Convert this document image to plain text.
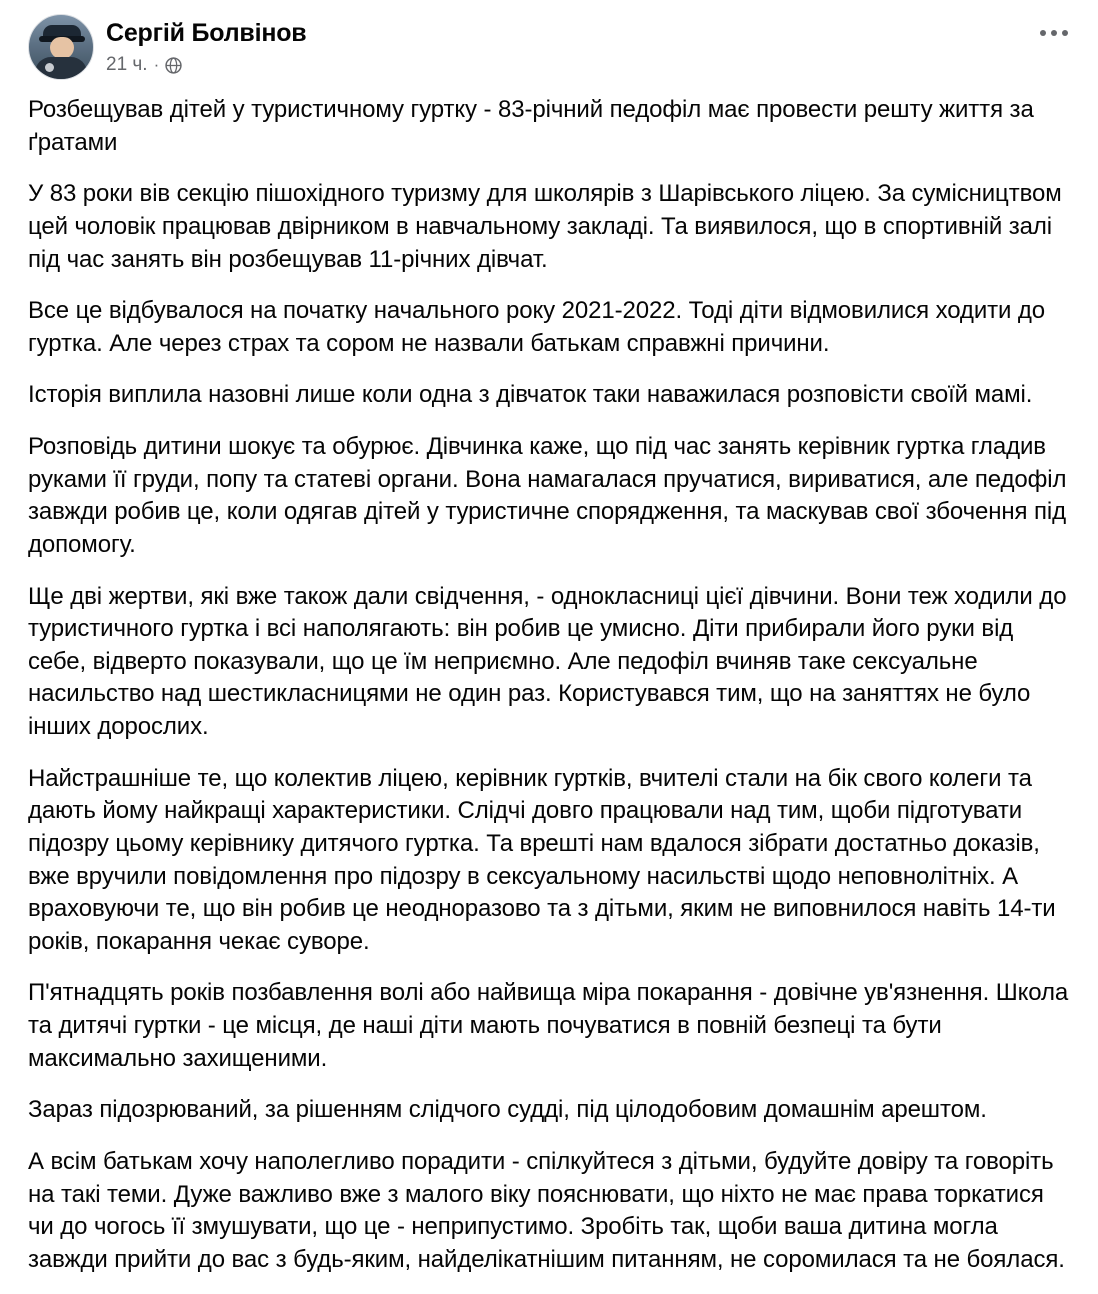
Сергій Болвінов
21 ч. ·

Розбещував дітей у туристичному гуртку - 83-річний педофіл має провести решту життя за ґратами

У 83 роки вів секцію пішохідного туризму для школярів з Шарівського ліцею. За сумісництвом цей чоловік працював двірником в навчальному закладі. Та виявилося, що в спортивній залі під час занять він розбещував 11-річних дівчат.

Все це відбувалося на початку начального року 2021-2022. Тоді діти відмовилися ходити до гуртка. Але через страх та сором не назвали батькам справжні причини.

Історія виплила назовні лише коли одна з дівчаток таки наважилася розповісти своїй мамі.

Розповідь дитини шокує та обурює. Дівчинка каже, що під час занять керівник гуртка гладив руками її груди, попу та статеві органи. Вона намагалася пручатися, вириватися, але педофіл завжди робив це, коли одягав дітей у туристичне спорядження, та маскував свої збочення під допомогу.

Ще дві жертви, які вже також дали свідчення, - однокласниці цієї дівчини. Вони теж ходили до туристичного гуртка і всі наполягають: він робив це умисно. Діти прибирали його руки від себе, відверто показували, що це їм неприємно. Але педофіл вчиняв таке сексуальне насильство над шестикласницями не один раз. Користувався тим, що на заняттях не було інших дорослих.

Найстрашніше те, що колектив ліцею, керівник гуртків, вчителі стали на бік свого колеги та дають йому найкращі характеристики. Слідчі довго працювали над тим, щоби підготувати підозру цьому керівнику дитячого гуртка. Та врешті нам вдалося зібрати достатньо доказів, вже вручили повідомлення про підозру в сексуальному насильстві щодо неповнолітніх. А враховуючи те, що він робив це неодноразово та з дітьми, яким не виповнилося навіть 14-ти років, покарання чекає суворе.

П'ятнадцять років позбавлення волі або найвища міра покарання - довічне ув'язнення. Школа та дитячі гуртки - це місця, де наші діти мають почуватися в повній безпеці та бути максимально захищеними.

Зараз підозрюваний, за рішенням слідчого судді, під цілодобовим домашнім арештом.

А всім батькам хочу наполегливо порадити - спілкуйтеся з дітьми, будуйте довіру та говоріть на такі теми. Дуже важливо вже з малого віку пояснювати, що ніхто не має права торкатися чи до чогось її змушувати, що це - неприпустимо. Зробіть так, щоби ваша дитина могла завжди прийти до вас з будь-яким, найделікатнішим питанням, не соромилася та не боялася.
